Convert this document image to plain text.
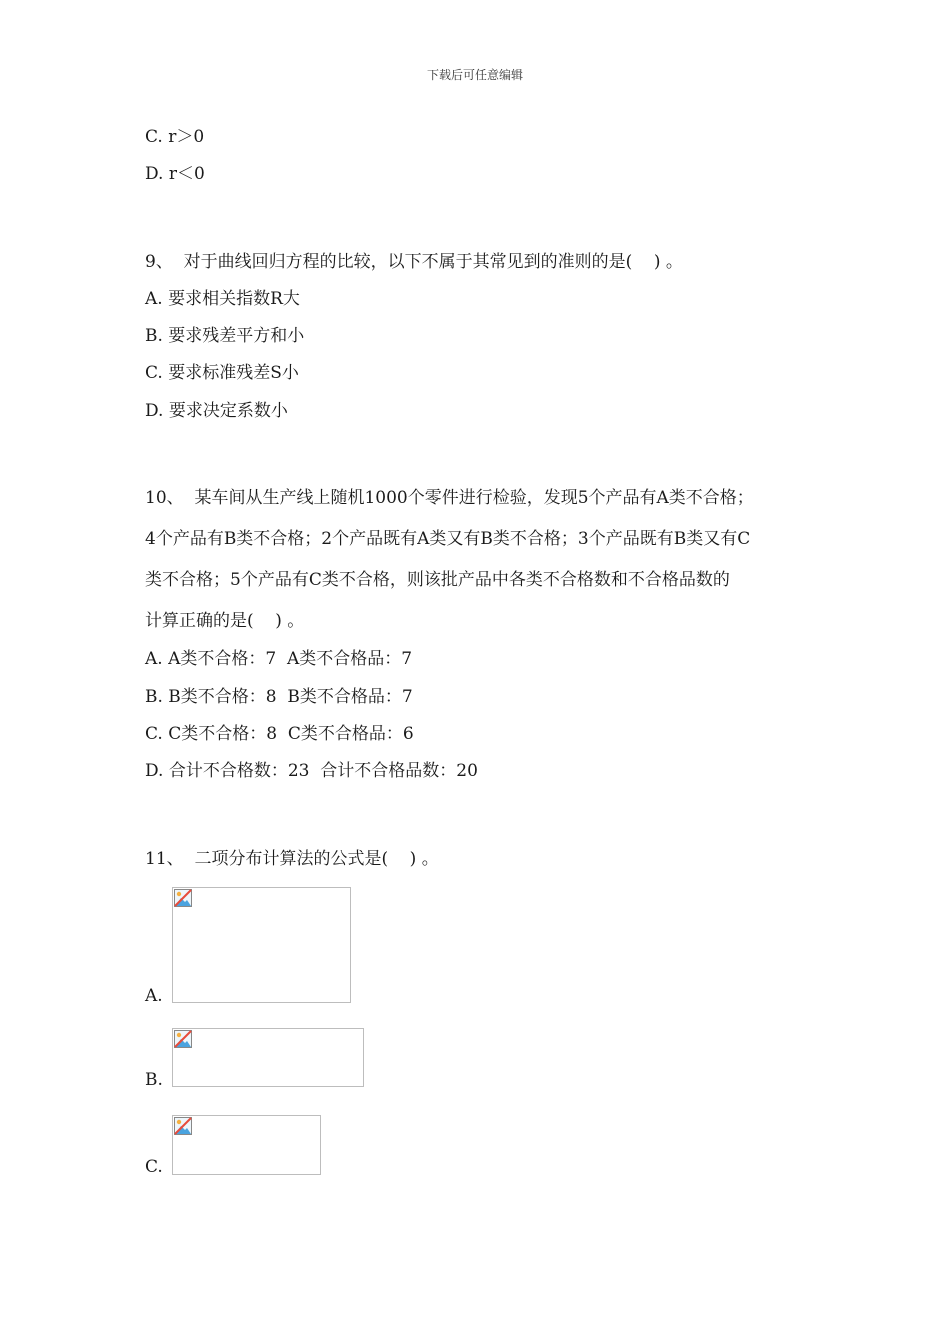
下载后可任意编辑
C. r＞0
D. r＜0
9、  对于曲线回归方程的比较，以下不属于其常见到的准则的是(    ) 。
A. 要求相关指数R大
B. 要求残差平方和小
C. 要求标准残差S小
D. 要求决定系数小
10、  某车间从生产线上随机1000个零件进行检验，发现5个产品有A类不合格；
4个产品有B类不合格；2个产品既有A类又有B类不合格；3个产品既有B类又有C
类不合格；5个产品有C类不合格，则该批产品中各类不合格数和不合格品数的
计算正确的是(    ) 。
A. A类不合格：7  A类不合格品：7
B. B类不合格：8  B类不合格品：7
C. C类不合格：8  C类不合格品：6
D. 合计不合格数：23  合计不合格品数：20
11、  二项分布计算法的公式是(    ) 。
A.
B.
C.
